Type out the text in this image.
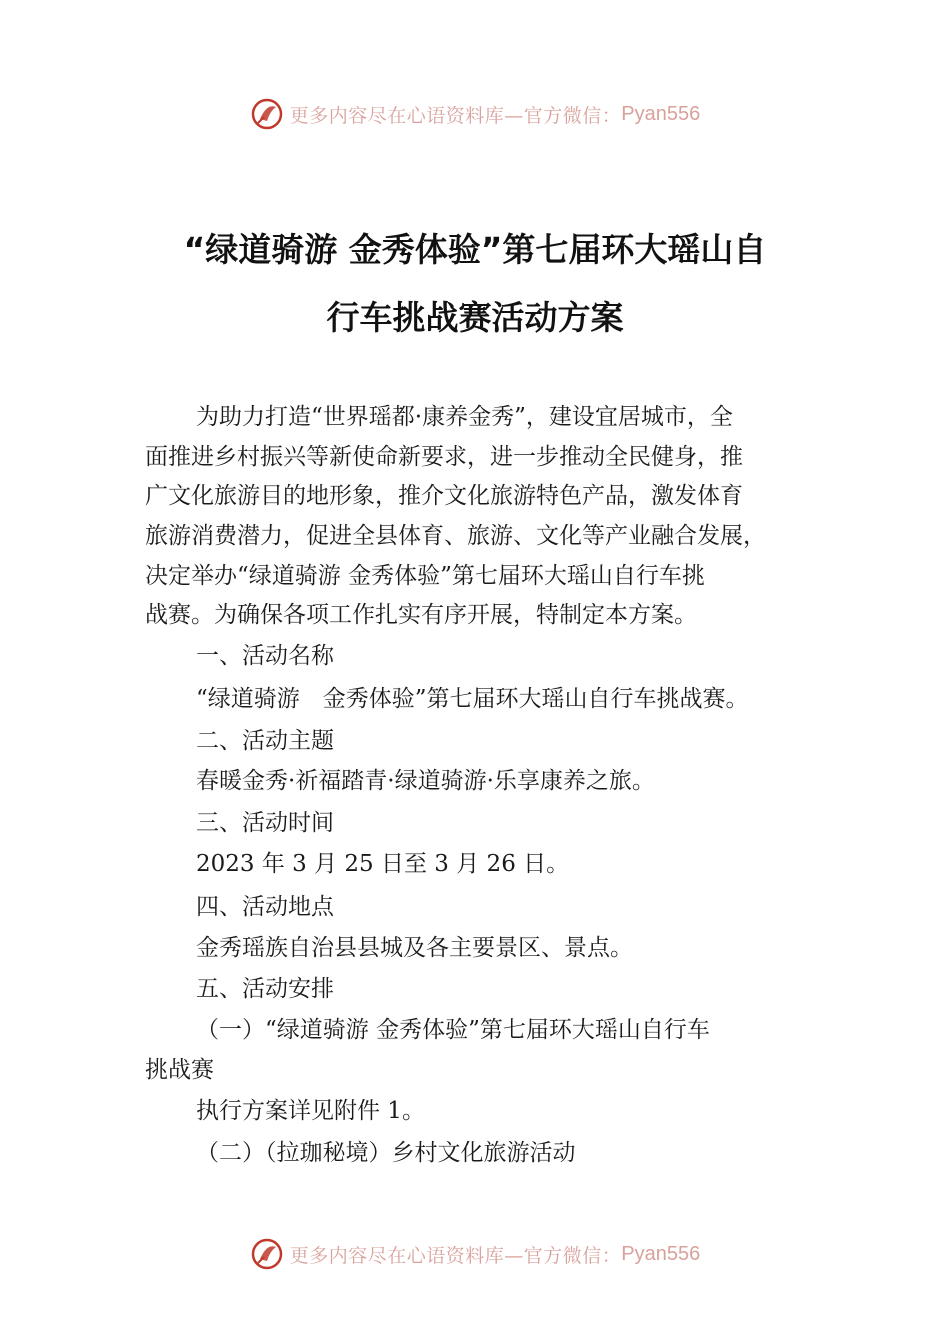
更多内容尽在心语资料库—官方微信： Pyan556
“绿道骑游 金秀体验”第七届环大瑶山自
行车挑战赛活动方案
为助力打造“世界瑶都·康养金秀”，建设宜居城市，全
面推进乡村振兴等新使命新要求，进一步推动全民健身，推
广文化旅游目的地形象，推介文化旅游特色产品，激发体育
旅游消费潜力，促进全县体育、旅游、文化等产业融合发展，
决定举办“绿道骑游 金秀体验”第七届环大瑶山自行车挑
战赛。为确保各项工作扎实有序开展，特制定本方案。
一、活动名称
“绿道骑游　金秀体验”第七届环大瑶山自行车挑战赛。
二、活动主题
春暖金秀·祈福踏青·绿道骑游·乐享康养之旅。
三、活动时间
2023 年 3 月 25 日至 3 月 26 日。
四、活动地点
金秀瑶族自治县县城及各主要景区、景点。
五、活动安排
（一）“绿道骑游 金秀体验”第七届环大瑶山自行车
挑战赛
执行方案详见附件 1。
（二）（拉珈秘境）乡村文化旅游活动
更多内容尽在心语资料库—官方微信： Pyan556
